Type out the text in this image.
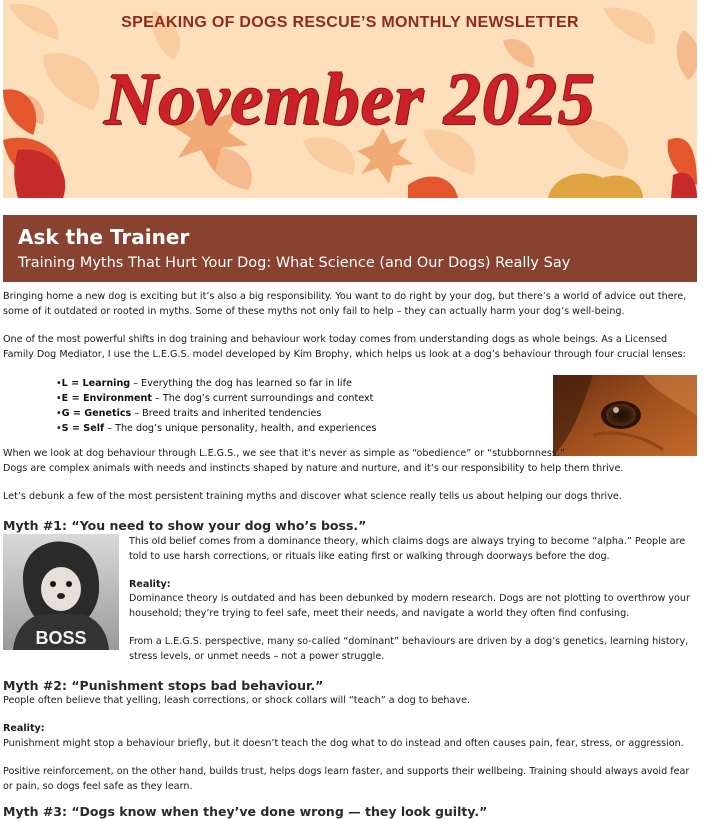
SPEAKING OF DOGS RESCUE’S MONTHLY NEWSLETTER
November 2025
Ask the Trainer
Training Myths That Hurt Your Dog: What Science (and Our Dogs) Really Say
Bringing home a new dog is exciting but it’s also a big responsibility. You want to do right by your dog, but there’s a world of advice out there, some of it outdated or rooted in myths. Some of these myths not only fail to help – they can actually harm your dog’s well-being.
One of the most powerful shifts in dog training and behaviour work today comes from understanding dogs as whole beings. As a Licensed Family Dog Mediator, I use the L.E.G.S. model developed by Kim Brophy, which helps us look at a dog’s behaviour through four crucial lenses:
• L = Learning – Everything the dog has learned so far in life
• E = Environment – The dog’s current surroundings and context
• G = Genetics – Breed traits and inherited tendencies
• S = Self – The dog’s unique personality, health, and experiences
When we look at dog behaviour through L.E.G.S., we see that it’s never as simple as “obedience” or “stubbornness.”
Dogs are complex animals with needs and instincts shaped by nature and nurture, and it’s our responsibility to help them thrive.
Let’s debunk a few of the most persistent training myths and discover what science really tells us about helping our dogs thrive.
Myth #1: “You need to show your dog who’s boss.”
BOSS
This old belief comes from a dominance theory, which claims dogs are always trying to become “alpha.” People are told to use harsh corrections, or rituals like eating first or walking through doorways before the dog.
Reality:
Dominance theory is outdated and has been debunked by modern research. Dogs are not plotting to overthrow your household; they’re trying to feel safe, meet their needs, and navigate a world they often find confusing.
From a L.E.G.S. perspective, many so-called “dominant” behaviours are driven by a dog’s genetics, learning history, stress levels, or unmet needs – not a power struggle.
Myth #2: “Punishment stops bad behaviour.”
People often believe that yelling, leash corrections, or shock collars will “teach” a dog to behave.
Reality:
Punishment might stop a behaviour briefly, but it doesn’t teach the dog what to do instead and often causes pain, fear, stress, or aggression.
Positive reinforcement, on the other hand, builds trust, helps dogs learn faster, and supports their wellbeing. Training should always avoid fear or pain, so dogs feel safe as they learn.
Myth #3: “Dogs know when they’ve done wrong — they look guilty.”
